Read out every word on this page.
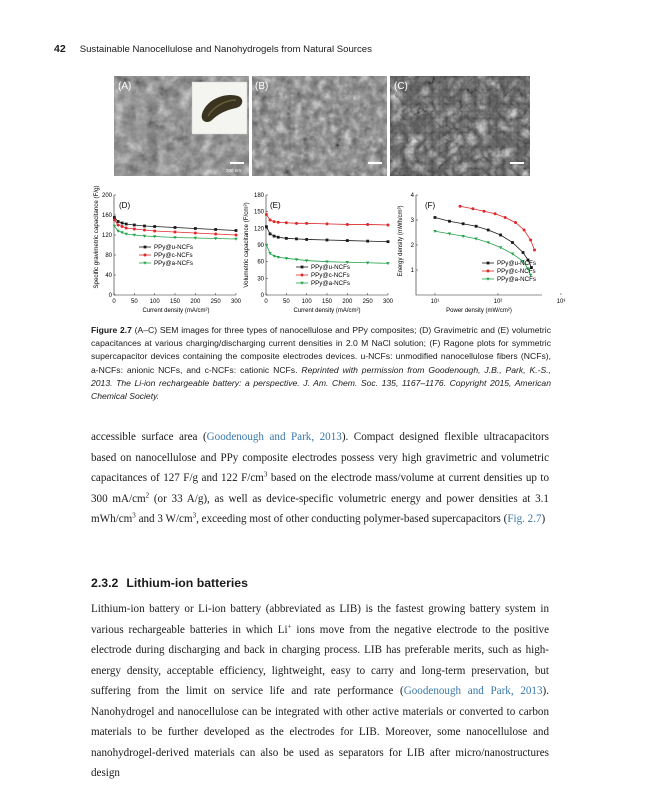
42 Sustainable Nanocellulose and Nanohydrogels from Natural Sources
(A)	(B)	(C)
200 nm
Specific gravimetric capacitance (F/g) (D)
0
40
80
120
160
200
0	50 100 150 200 250 300
PPy@u-NCFs
PPy@c-NCFs
PPy@a-NCFs
Current density (mA/cm²)
Volumetric capacitance (F/cm³)	(E)
0
30
60
90
120
150
180
0	50 100 150 200 250 300
PPy@u-NCFs
PPy@c-NCFs
PPy@a-NCFs
Current density (mA/cm²)
Energy density (mWh/cm³)	(F)
1
2
3
4
10¹	10²	10³
PPy@u-NCFs
PPy@c-NCFs
PPy@a-NCFs
Power density (mW/cm²)
Figure 2.7 (A–C) SEM images for three types of nanocellulose and PPy composites; (D) Gravimetric and (E) volumetric capacitances at various charging/discharging current densities in 2.0 M NaCl solution; (F) Ragone plots for symmetric supercapacitor devices containing the composite electrodes devices. u-NCFs: unmodified nanocellulose fibers (NCFs), a-NCFs: anionic NCFs, and c-NCFs: cationic NCFs. Reprinted with permission from Goodenough, J.B., Park, K.-S., 2013. The Li-ion rechargeable battery: a perspective. J. Am. Chem. Soc. 135, 1167–1176. Copyright 2015, American Chemical Society.
accessible surface area (Goodenough and Park, 2013). Compact designed flexible ultracapacitors based on nanocellulose and PPy composite electrodes possess very high gravimetric and volumetric capacitances of 127 F/g and 122 $F/cm^3$ based on the electrode mass/volume at current densities up to 300 $mA/cm^2$ (or 33 A/g), as well as device-specific volumetric energy and power densities at 3.1 mWh/$cm^3$ and 3 $W/cm^3$, exceeding most of other conducting polymer-based supercapacitors (Fig. 2.7)
2.3.2 Lithium-ion batteries
Lithium-ion battery or Li-ion battery (abbreviated as LIB) is the fastest growing battery system in various rechargeable batteries in which Li+ ions move from the negative electrode to the positive electrode during discharging and back in charging process. LIB has preferable merits, such as high-energy density, acceptable efficiency, lightweight, easy to carry and long-term preservation, but suffering from the limit on service life and rate performance (Goodenough and Park, 2013). Nanohydrogel and nanocellulose can be integrated with other active materials or converted to carbon materials to be further developed as the electrodes for LIB. Moreover, some nanocellulose and nanohydrogel-derived materials can also be used as separators for LIB after micro/nanostructures design
